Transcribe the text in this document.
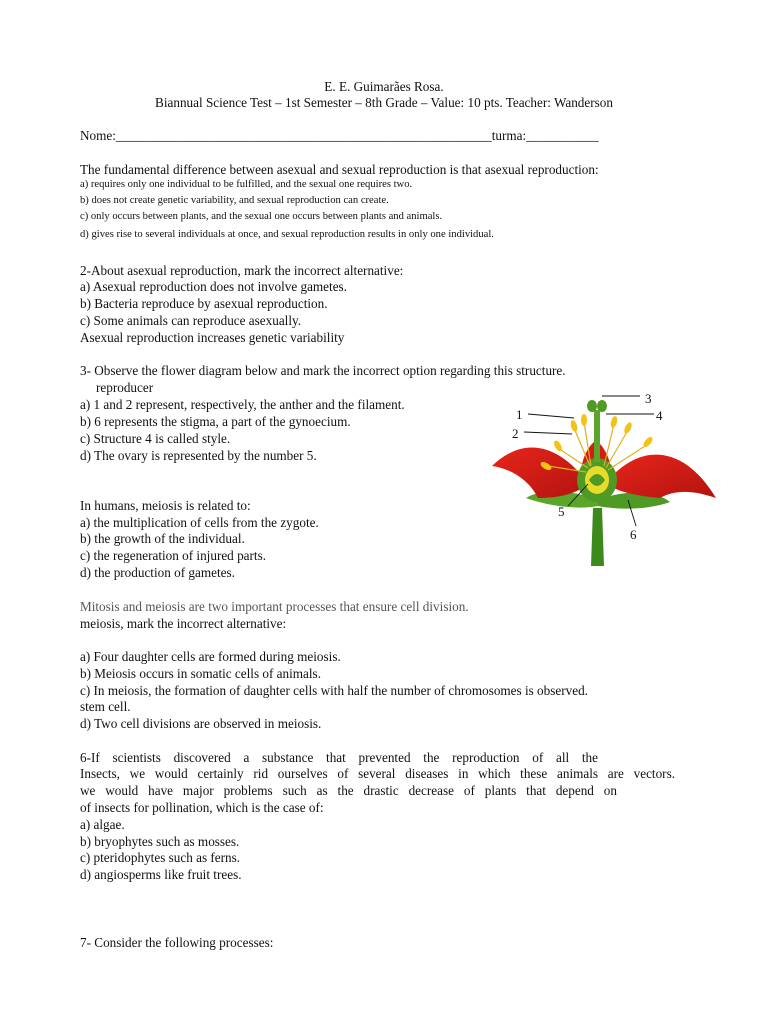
E. E. Guimarães Rosa.
Biannual Science Test – 1st Semester – 8th Grade – Value: 10 pts. Teacher: Wanderson
Nome:_________________________________________________________turma:___________
The fundamental difference between asexual and sexual reproduction is that asexual reproduction:
a) requires only one individual to be fulfilled, and the sexual one requires two.
b) does not create genetic variability, and sexual reproduction can create.
c) only occurs between plants, and the sexual one occurs between plants and animals.
d) gives rise to several individuals at once, and sexual reproduction results in only one individual.
2-About asexual reproduction, mark the incorrect alternative:
a) Asexual reproduction does not involve gametes.
b) Bacteria reproduce by asexual reproduction.
c) Some animals can reproduce asexually.
Asexual reproduction increases genetic variability
3- Observe the flower diagram below and mark the incorrect option regarding this structure.
reproducer
a) 1 and 2 represent, respectively, the anther and the filament.
b) 6 represents the stigma, a part of the gynoecium.
c) Structure 4 is called style.
d) The ovary is represented by the number 5.
1
2
3
4
5
6
In humans, meiosis is related to:
a) the multiplication of cells from the zygote.
b) the growth of the individual.
c) the regeneration of injured parts.
d) the production of gametes.
Mitosis and meiosis are two important processes that ensure cell division.
meiosis, mark the incorrect alternative:
a) Four daughter cells are formed during meiosis.
b) Meiosis occurs in somatic cells of animals.
c) In meiosis, the formation of daughter cells with half the number of chromosomes is observed.
stem cell.
d) Two cell divisions are observed in meiosis.
6-If scientists discovered a substance that prevented the reproduction of all the
Insects, we would certainly rid ourselves of several diseases in which these animals are vectors.
we would have major problems such as the drastic decrease of plants that depend on
of insects for pollination, which is the case of:
a) algae.
b) bryophytes such as mosses.
c) pteridophytes such as ferns.
d) angiosperms like fruit trees.
7- Consider the following processes:
